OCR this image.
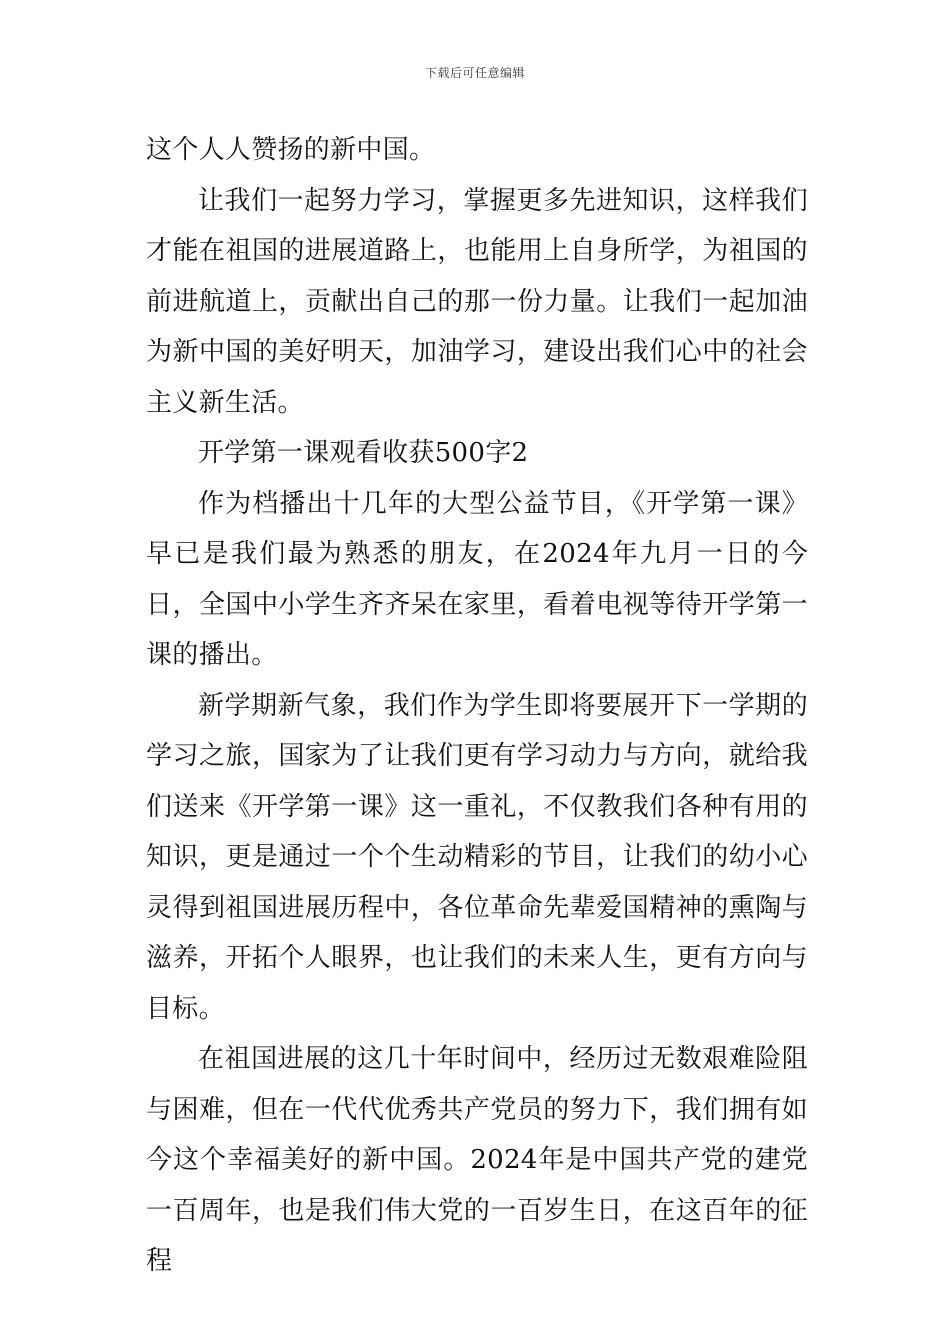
下载后可任意编辑

这个人人赞扬的新中国。

让我们一起努力学习，掌握更多先进知识，这样我们才能在祖国的进展道路上，也能用上自身所学，为祖国的前进航道上，贡献出自己的那一份力量。让我们一起加油为新中国的美好明天，加油学习，建设出我们心中的社会主义新生活。

开学第一课观看收获500字2

作为档播出十几年的大型公益节目，《开学第一课》早已是我们最为熟悉的朋友，在2024年九月一日的今日，全国中小学生齐齐呆在家里，看着电视等待开学第一课的播出。

新学期新气象，我们作为学生即将要展开下一学期的学习之旅，国家为了让我们更有学习动力与方向，就给我们送来《开学第一课》这一重礼，不仅教我们各种有用的知识，更是通过一个个生动精彩的节目，让我们的幼小心灵得到祖国进展历程中，各位革命先辈爱国精神的熏陶与滋养，开拓个人眼界，也让我们的未来人生，更有方向与目标。

在祖国进展的这几十年时间中，经历过无数艰难险阻与困难，但在一代代优秀共产党员的努力下，我们拥有如今这个幸福美好的新中国。2024年是中国共产党的建党一百周年，也是我们伟大党的一百岁生日，在这百年的征程
